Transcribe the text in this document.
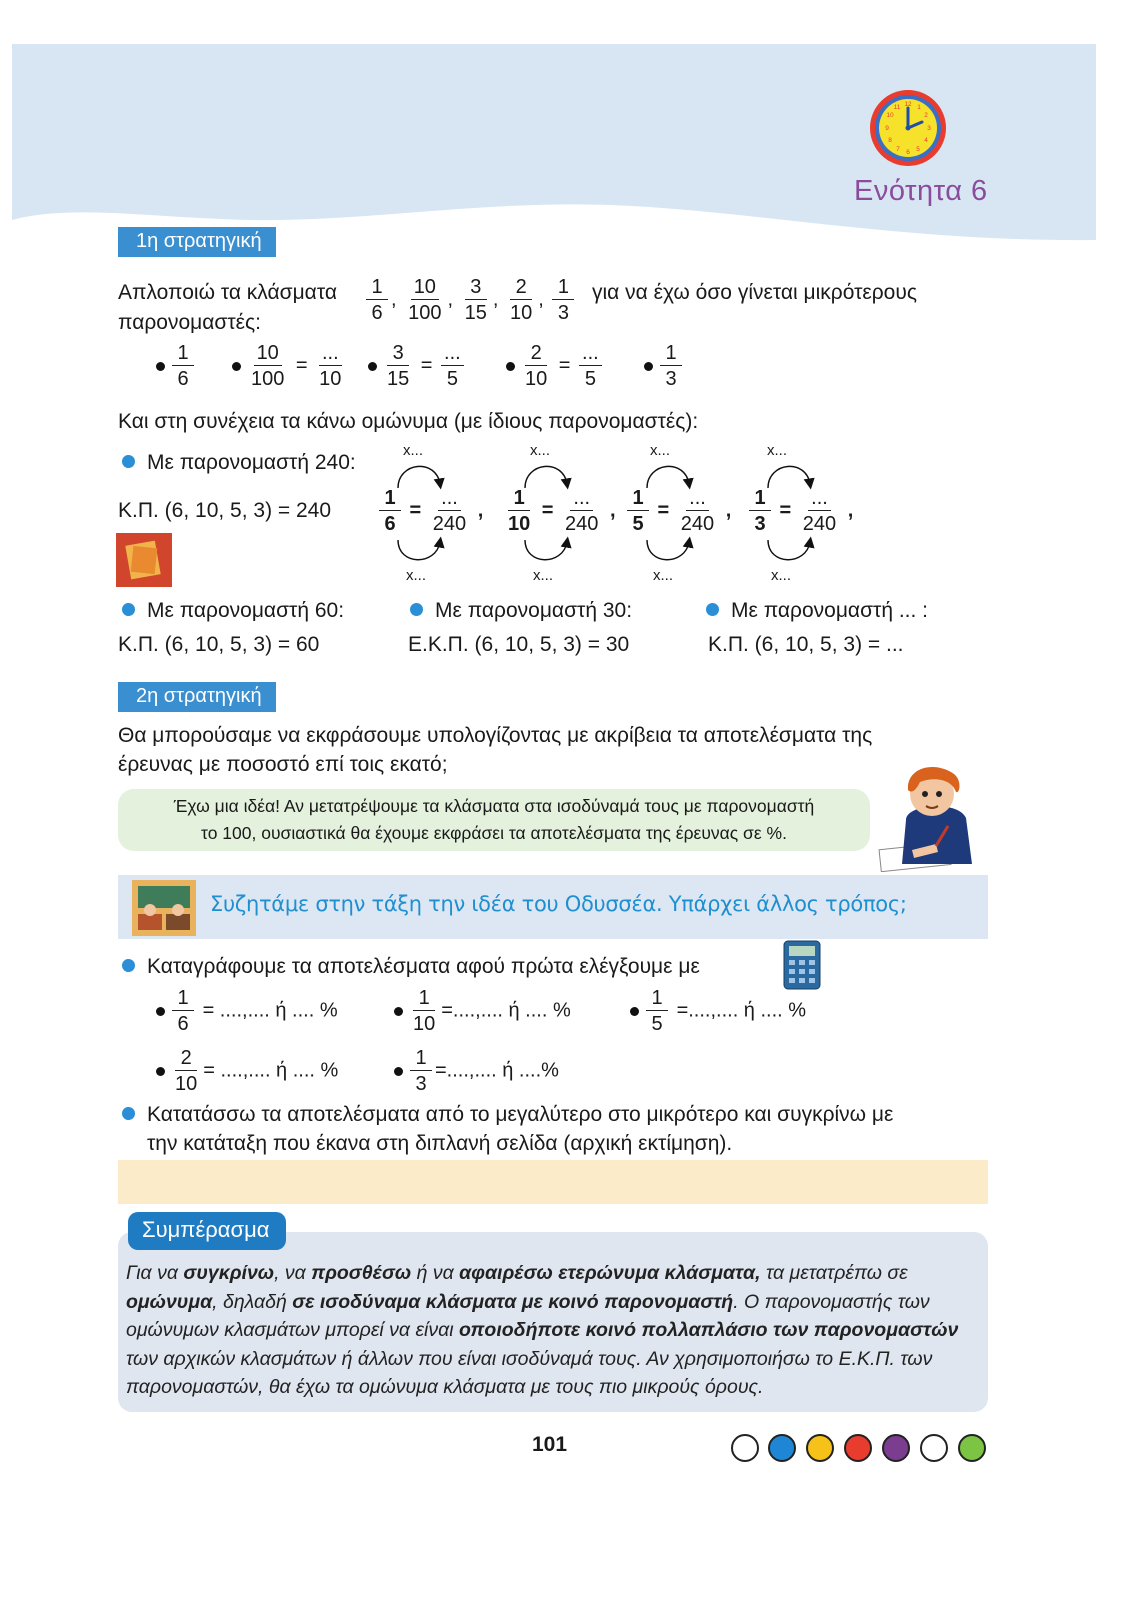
12 1
2
3
4
5
6
7
8
9
10
11
Ενότητα 6
1η στρατηγική
Απλοποιώ τα κλάσματα $\frac{1}{6}$ , $\frac{10}{100}$ , $\frac{3}{15}$ , $\frac{2}{10}$ , $\frac{1}{3}$ για να έχω όσο γίνεται μικρότερους
παρονομαστές:
$\frac{1}{6}$	$\frac{10}{100} = \frac{...}{10} \frac{3}{15} = \frac{...}{5}$	$\frac{2}{10} = \frac{...}{5}$	$\frac{1}{3}$
Και στη συνέχεια τα κάνω ομώνυμα (με ίδιους παρονομαστές):
Με παρονομαστή 240:
Κ.Π. (6, 10, 5, $3) = 240 \frac{1}{6} = \frac{...}{240}$ , $\frac{1}{10} = \frac{...}{240}$ , $\frac{1}{5} = \frac{...}{240}$ , $\frac{1}{3} = \frac{...}{240}$ ,
x...	x...	x...	x...
x...	x...	x...	x...
Με παρονομαστή 60:
Κ.Π. (6, 10, 5, 3) = 60
Με παρονομαστή 30:
Ε.Κ.Π. (6, 10, 5, 3) = 30
Με παρονομαστή ... :
Κ.Π. (6, 10, 5, 3) = ...
2η στρατηγική
Θα μπορούσαμε να εκφράσουμε υπολογίζοντας με ακρίβεια τα αποτελέσματα της
έρευνας με ποσοστό επί τοις εκατό;
Έχω μια ιδέα! Αν μετατρέψουμε τα κλάσματα στα ισοδύναμά τους με παρονομαστή
το 100, ουσιαστικά θα έχουμε εκφράσει τα αποτελέσματα της έρευνας σε %.
Συζητάμε στην τάξη την ιδέα του Οδυσσέα. Υπάρχει άλλος τρόπος;
Καταγράφουμε τα αποτελέσματα αφού πρώτα ελέγξουμε με
$\frac{1}{6}$ = ....,.... ή .... %	$\frac{1}{10}$ =....,.... ή .... %	$\frac{1}{5}$ =....,.... ή .... %
$\frac{2}{10}$ = ....,.... ή .... %	$\frac{1}{3}$ =....,.... ή ....%
Κατατάσσω τα αποτελέσματα από το μεγαλύτερο στο μικρότερο και συγκρίνω με
την κατάταξη που έκανα στη διπλανή σελίδα (αρχική εκτίμηση).
Συμπέρασμα
Για να συγκρίνω, να προσθέσω ή να αφαιρέσω ετερώνυμα κλάσματα, τα μετατρέπω σε ομώνυμα, δηλαδή σε ισοδύναμα κλάσματα με κοινό παρονομαστή. Ο παρονομαστής των ομώνυμων κλασμάτων μπορεί να είναι οποιοδήποτε κοινό πολλαπλάσιο των παρονομαστών των αρχικών κλασμάτων ή άλλων που είναι ισοδύναμά τους. Αν χρησιμοποιήσω το Ε.Κ.Π. των παρονομαστών, θα έχω τα ομώνυμα κλάσματα με τους πιο μικρούς όρους.
101
